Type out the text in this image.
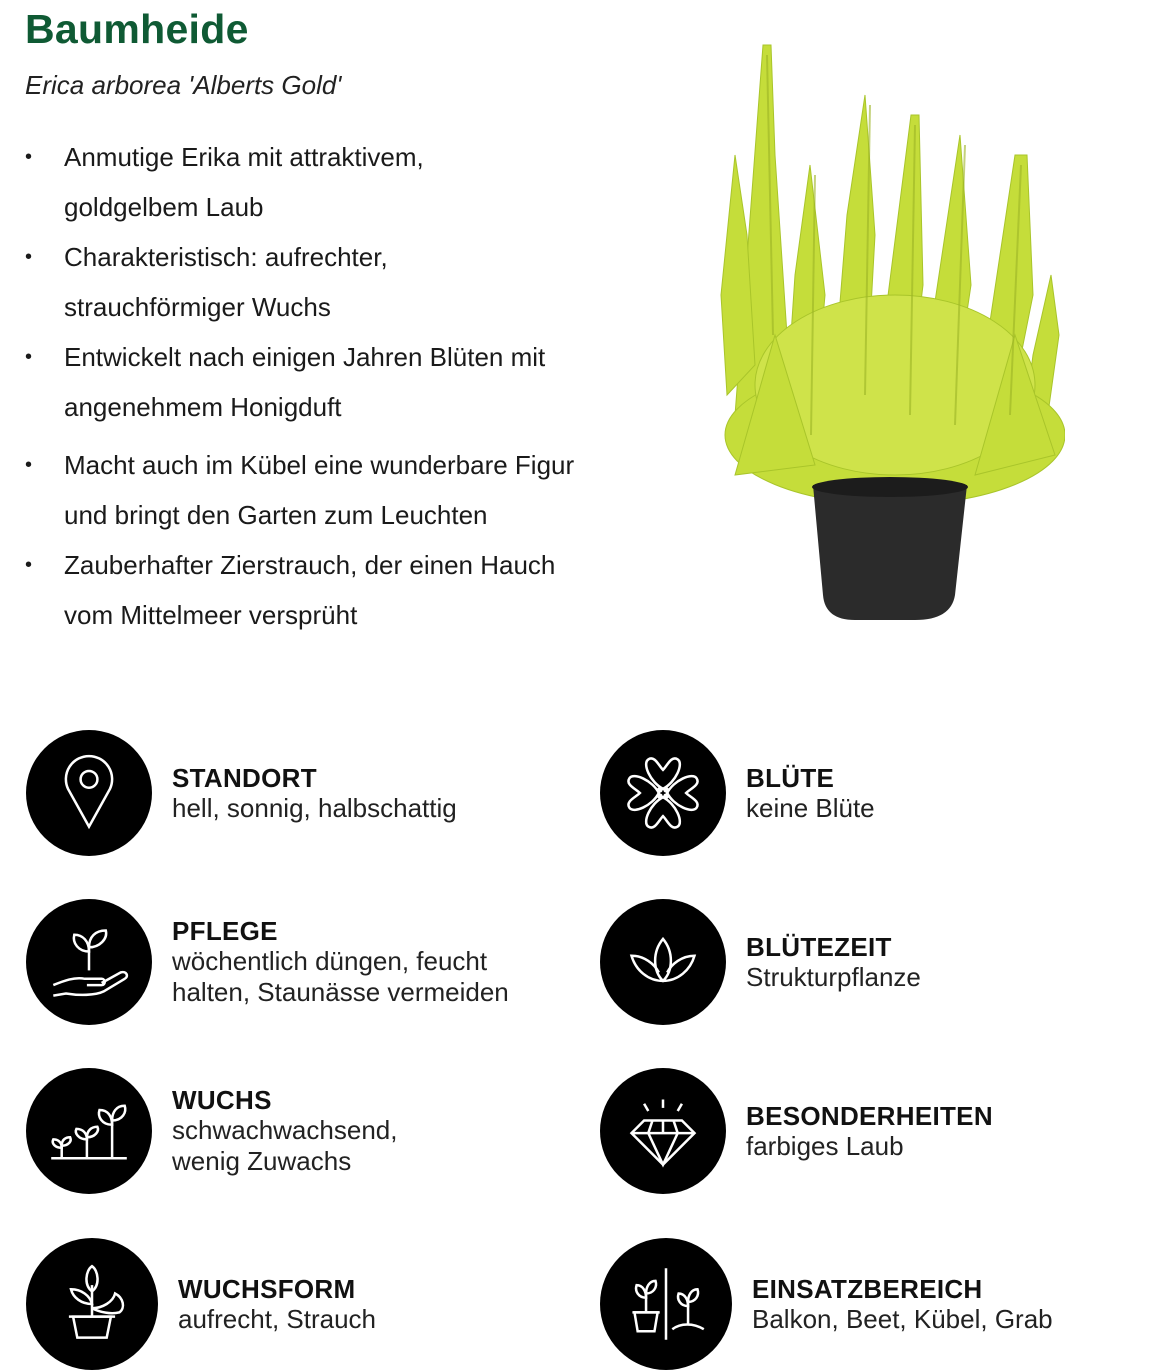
Baumheide
Erica arborea 'Alberts Gold'
• Anmutige Erika mit attraktivem, goldgelbem Laub
• Charakteristisch: aufrechter, strauchförmiger Wuchs
• Entwickelt nach einigen Jahren Blüten mit angenehmem Honigduft
• Macht auch im Kübel eine wunderbare Figur und bringt den Garten zum Leuchten
• Zauberhafter Zierstrauch, der einen Hauch vom Mittelmeer versprüht
STANDORT
hell, sonnig, halbschattig
BLÜTE
keine Blüte
PFLEGE
wöchentlich düngen, feucht halten, Staunässe vermeiden
BLÜTEZEIT
Strukturpflanze
WUCHS
schwachwachsend, wenig Zuwachs
BESONDERHEITEN
farbiges Laub
WUCHSFORM
aufrecht, Strauch
EINSATZBEREICH
Balkon, Beet, Kübel, Grab
